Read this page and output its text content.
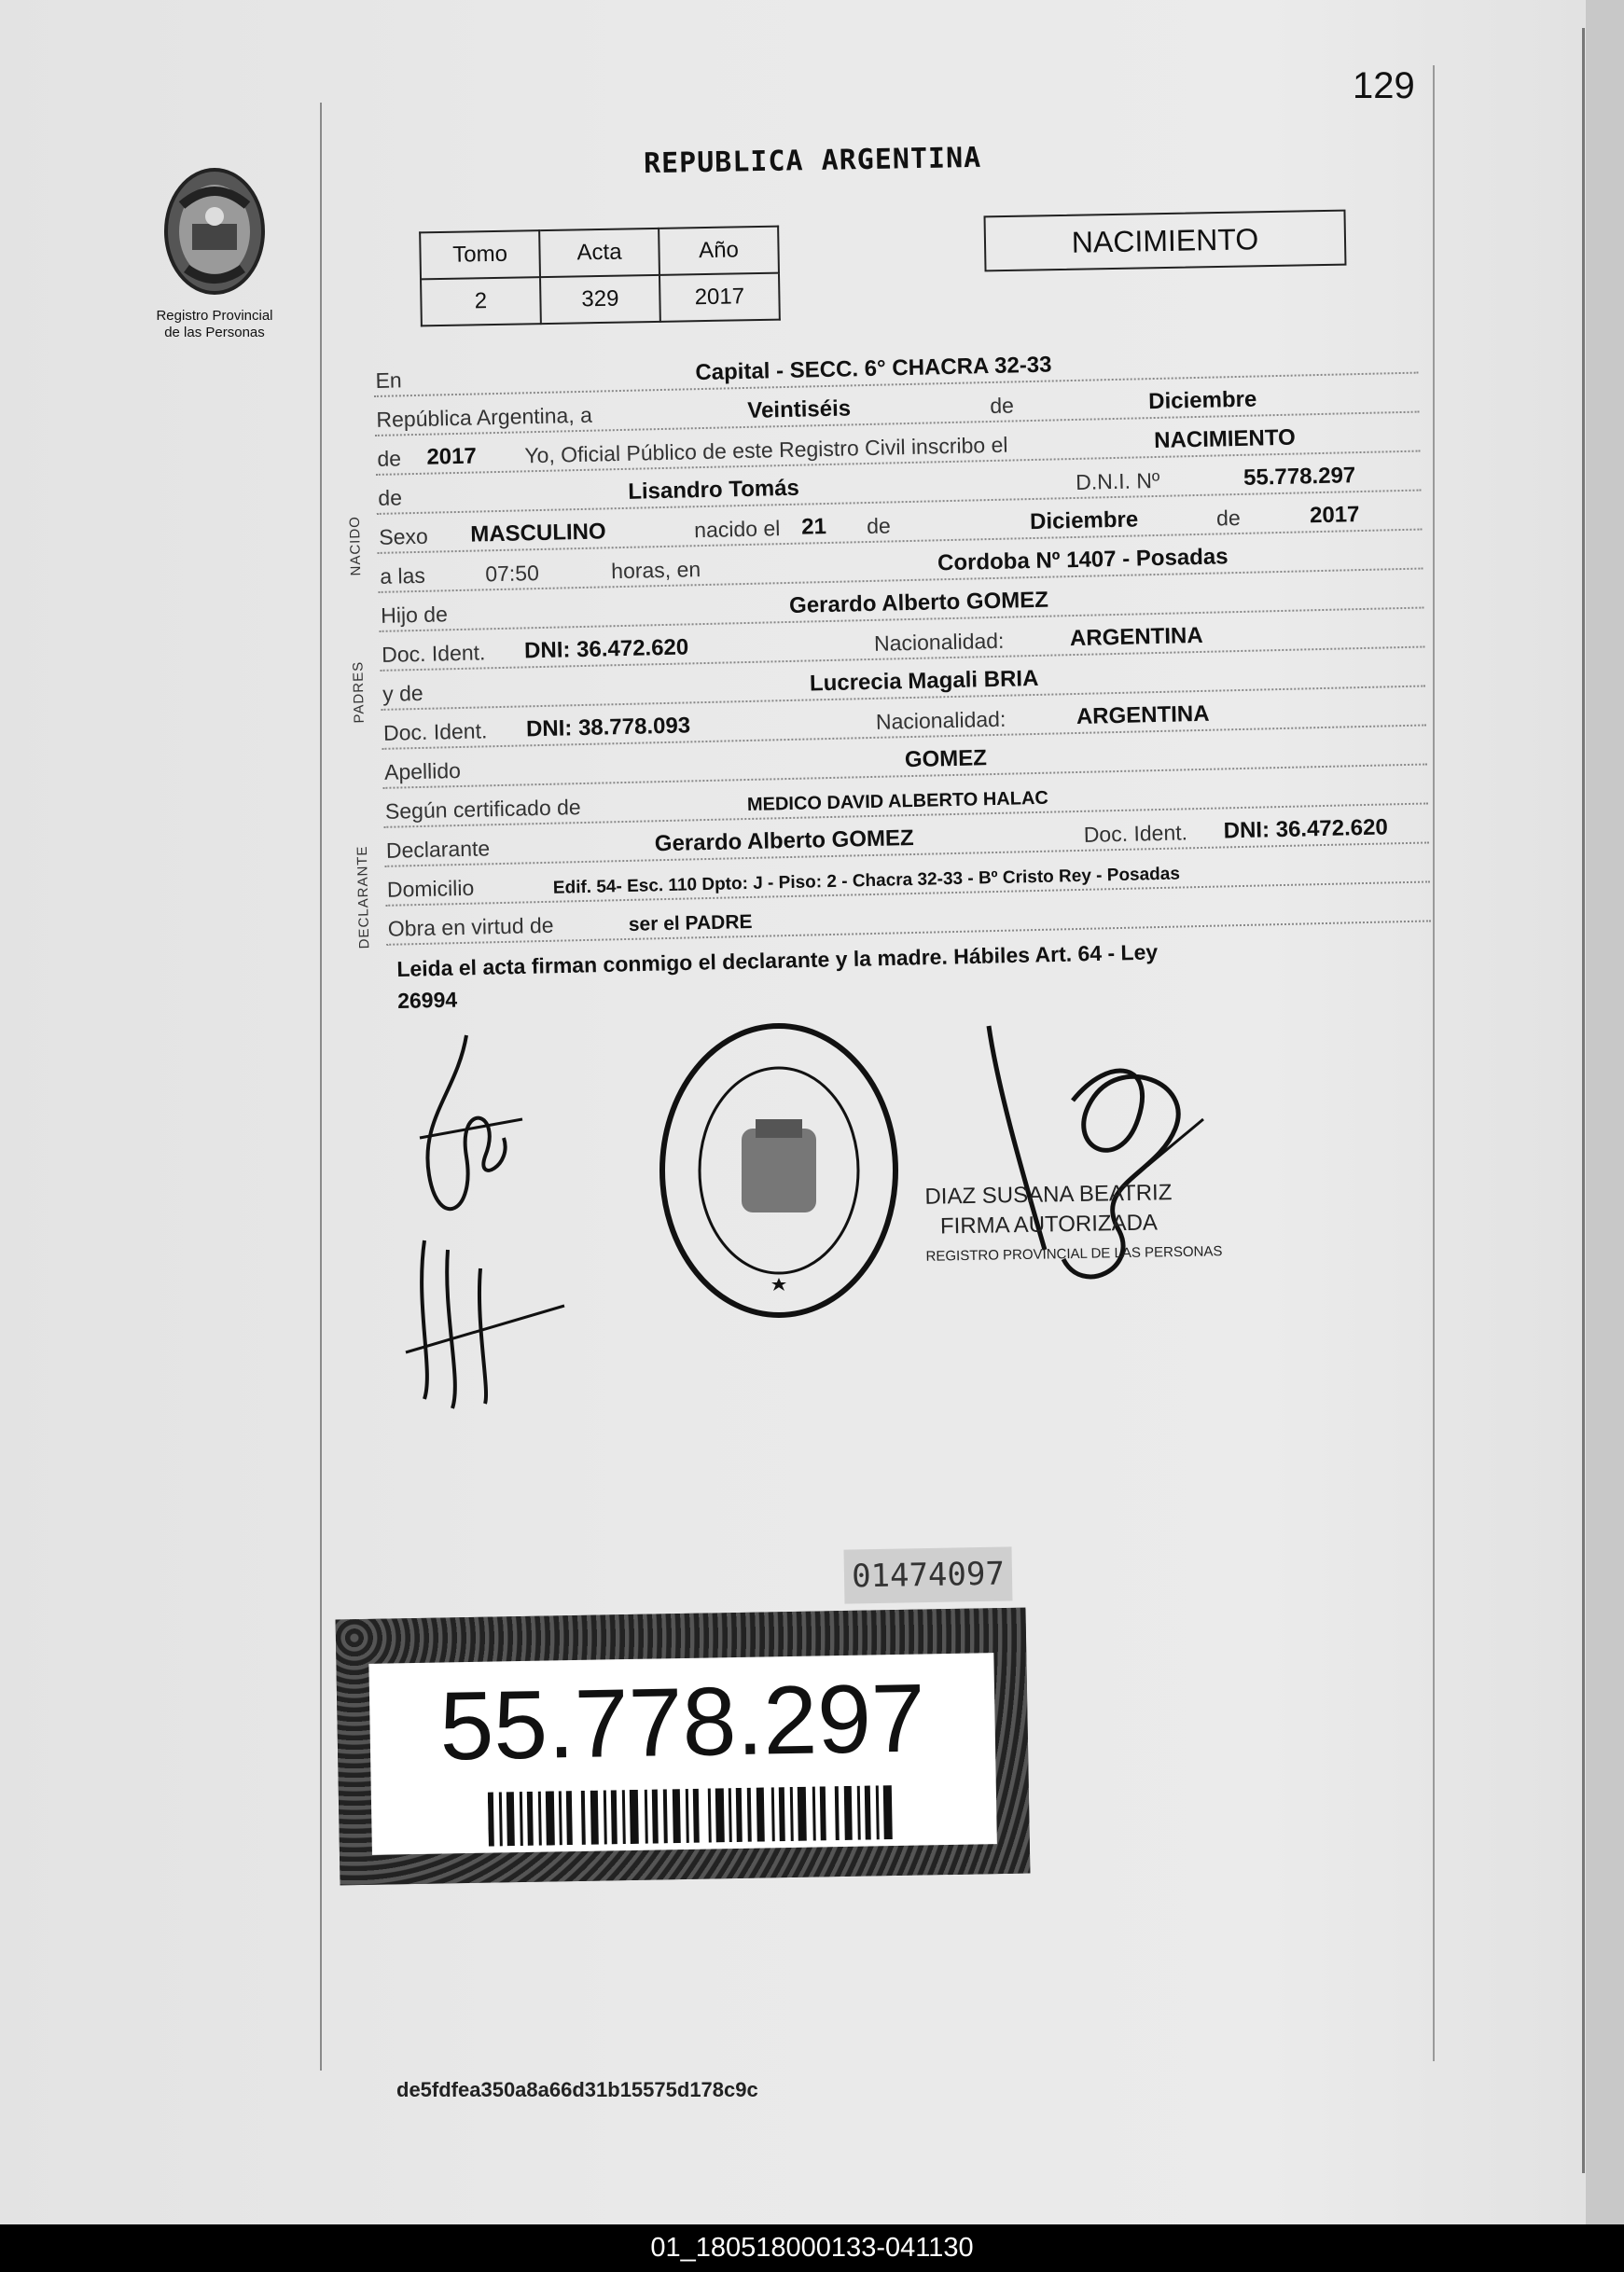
129
REPUBLICA ARGENTINA
Registro Provincial
de las Personas
Tomo	Acta	Año
2	329	2017
NACIMIENTO
En	Capital - SECC. 6° CHACRA 32-33
República Argentina, a	Veintiséis	de	Diciembre
de 2017 Yo, Oficial Público de este Registro Civil inscribo el	NACIMIENTO
de	Lisandro Tomás	D.N.I. Nº	55.778.297
Sexo MASCULINO	nacido el 21 de	Diciembre	de	2017
a las	07:50	horas, en	Cordoba Nº 1407 - Posadas
Hijo de	Gerardo Alberto GOMEZ
Doc. Ident. DNI: 36.472.620	Nacionalidad:	ARGENTINA
y de	Lucrecia Magali BRIA
Doc. Ident. DNI: 38.778.093	Nacionalidad:	ARGENTINA
Apellido	GOMEZ
Según certificado de	MEDICO DAVID ALBERTO HALAC
Declarante	Gerardo Alberto GOMEZ	Doc. Ident. DNI: 36.472.620
Domicilio	Edif. 54- Esc. 110 Dpto: J - Piso: 2 - Chacra 32-33 - Bº Cristo Rey - Posadas
Obra en virtud de	ser el PADRE
NACIDO
PADRES
DECLARANTE
Leida el acta firman conmigo el declarante y la madre. Hábiles Art. 64 - Ley
26994
DIAZ SUSANA BEATRIZ
FIRMA AUTORIZADA
REGISTRO PROVINCIAL DE LAS PERSONAS
01474097
55.778.297
de5fdfea350a8a66d31b15575d178c9c
01_180518000133-041130
